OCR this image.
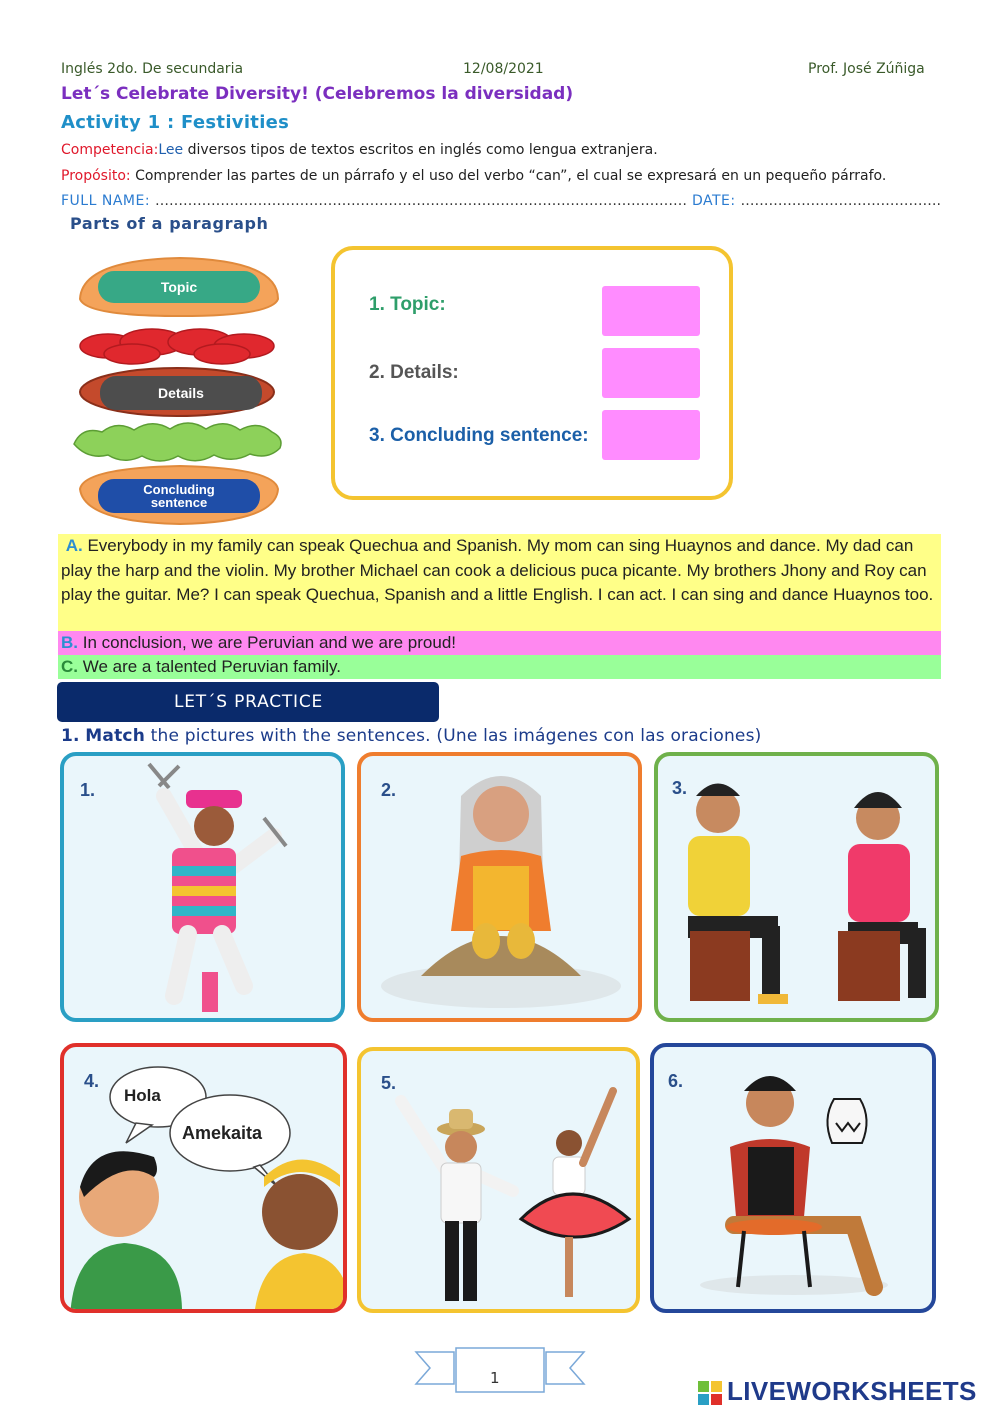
Inglés 2do. De secundaria	12/08/2021	Prof. José Zúñiga
Let´s Celebrate Diversity! (Celebremos la diversidad)
Activity 1 : Festivities
Competencia:Lee diversos tipos de textos escritos en inglés como lengua extranjera.
Propósito: Comprender las partes de un párrafo y el uso del verbo “can”, el cual se expresará en un pequeño párrafo.
FULL NAME: …………………………………………………………………………………………………… DATE: …………………………………….
Parts of a paragraph
Topic
Details
Concluding
sentence
1. Topic:
2. Details:
3. Concluding sentence:
A. Everybody in my family can speak Quechua and Spanish. My mom can sing Huaynos and dance. My dad can play the harp and the violin. My brother Michael can cook a delicious puca picante. My brothers Jhony and Roy can play the guitar. Me? I can speak Quechua, Spanish and a little English. I can act. I can sing and dance Huaynos too.
B. In conclusion, we are Peruvian and we are proud!
C. We are a talented Peruvian family.
LET´S PRACTICE
1. Match the pictures with the sentences. (Une las imágenes con las oraciones)
1.	2.	3.
4.
Hola
Amekaita
5.	6.
1	LIVEWORKSHEETS
